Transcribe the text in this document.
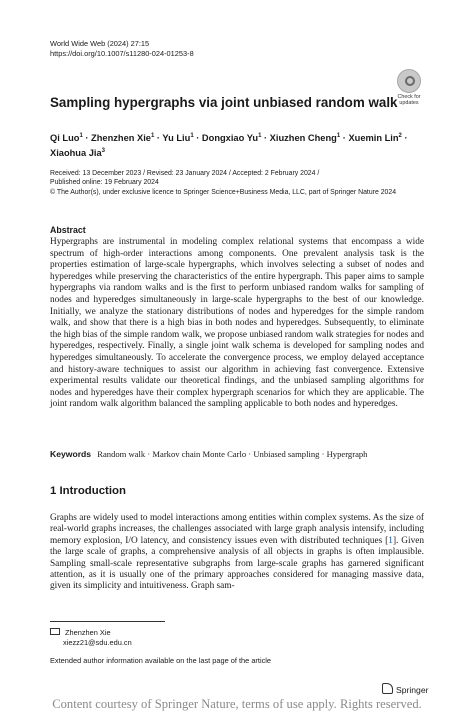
World Wide Web (2024) 27:15
https://doi.org/10.1007/s11280-024-01253-8
Check for
updates
Sampling hypergraphs via joint unbiased random walk
Qi Luo$^1$ · Zhenzhen Xie$^1$ · Yu Liu$^1$ · Dongxiao $Yu^1$ · Xiuzhen Cheng$^1$ · Xuemin Lin$^2$ · Xiaohua Jia$^3$
Received: 13 December 2023 / Revised: 23 January 2024 / Accepted: 2 February 2024 /
Published online: 19 February 2024
© The Author(s), under exclusive licence to Springer Science+Business Media, LLC, part of Springer Nature 2024
Abstract
Hypergraphs are instrumental in modeling complex relational systems that encompass a wide spectrum of high-order interactions among components. One prevalent analysis task is the properties estimation of large-scale hypergraphs, which involves selecting a subset of nodes and hyperedges while preserving the characteristics of the entire hypergraph. This paper aims to sample hypergraphs via random walks and is the first to perform unbiased random walks for sampling of nodes and hyperedges simultaneously in large-scale hypergraphs to the best of our knowledge. Initially, we analyze the stationary distributions of nodes and hyperedges for the simple random walk, and show that there is a high bias in both nodes and hyperedges. Subsequently, to eliminate the high bias of the simple random walk, we propose unbiased random walk strategies for nodes and hyperedges, respectively. Finally, a single joint walk schema is developed for sampling nodes and hyperedges simultaneously. To accelerate the convergence process, we employ delayed acceptance and history-aware techniques to assist our algorithm in achieving fast convergence. Extensive experimental results validate our theoretical findings, and the unbiased sampling algorithms for nodes and hyperedges have their complex hypergraph scenarios for which they are applicable. The joint random walk algorithm balanced the sampling applicable to both nodes and hyperedges.
Keywords Random walk · Markov chain Monte Carlo · Unbiased sampling · Hypergraph
1 Introduction
Graphs are widely used to model interactions among entities within complex systems. As the size of real-world graphs increases, the challenges associated with large graph analysis intensify, including memory explosion, I/O latency, and consistency issues even with distributed techniques [1]. Given the large scale of graphs, a comprehensive analysis of all objects in graphs is often implausible. Sampling small-scale representative subgraphs from large-scale graphs has garnered significant attention, as it is usually one of the primary approaches considered for managing massive data, given its simplicity and intuitiveness. Graph sam-
Zhenzhen Xie
xiezz21@sdu.edu.cn
Extended author information available on the last page of the article
Springer
Content courtesy of Springer Nature, terms of use apply. Rights reserved.
